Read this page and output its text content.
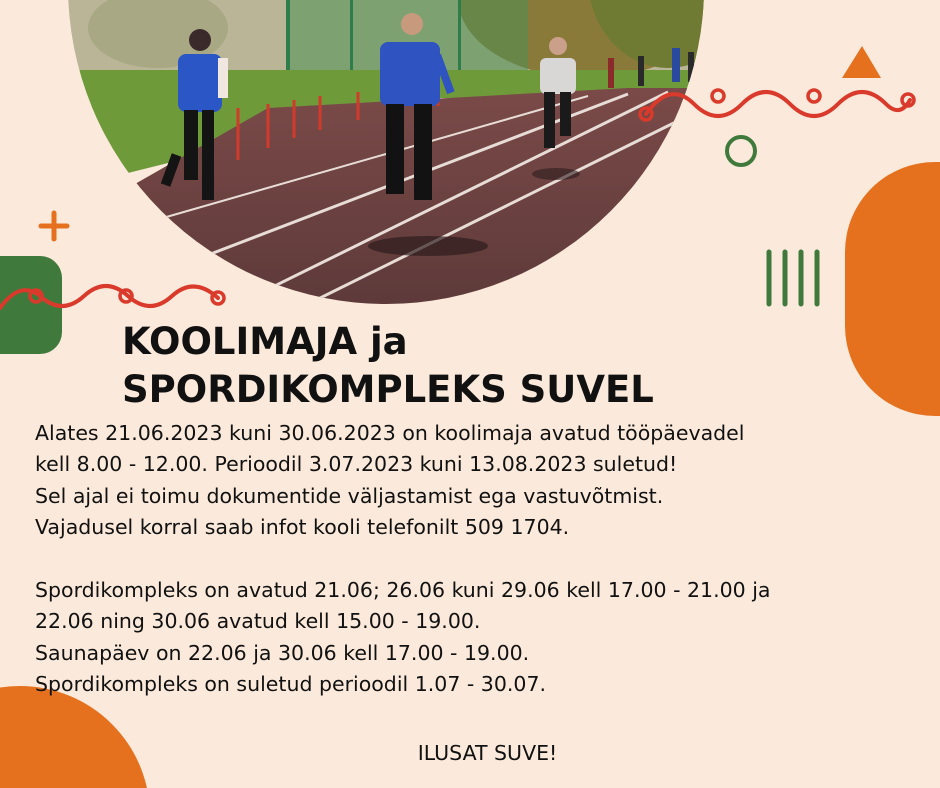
KOOLIMAJA ja
SPORDIKOMPLEKS SUVEL

Alates 21.06.2023 kuni 30.06.2023 on koolimaja avatud tööpäevadel

kell 8.00 - 12.00. Perioodil 3.07.2023 kuni 13.08.2023 suletud!

Sel ajal ei toimu dokumentide väljastamist ega vastuvõtmist.

Vajadusel korral saab infot kooli telefonilt 509 1704.

Spordikompleks on avatud 21.06; 26.06 kuni 29.06 kell 17.00 - 21.00 ja

22.06 ning 30.06 avatud kell 15.00 - 19.00.

Saunapäev on 22.06 ja 30.06 kell 17.00 - 19.00.

Spordikompleks on suletud perioodil 1.07 - 30.07.

ILUSAT SUVE!
